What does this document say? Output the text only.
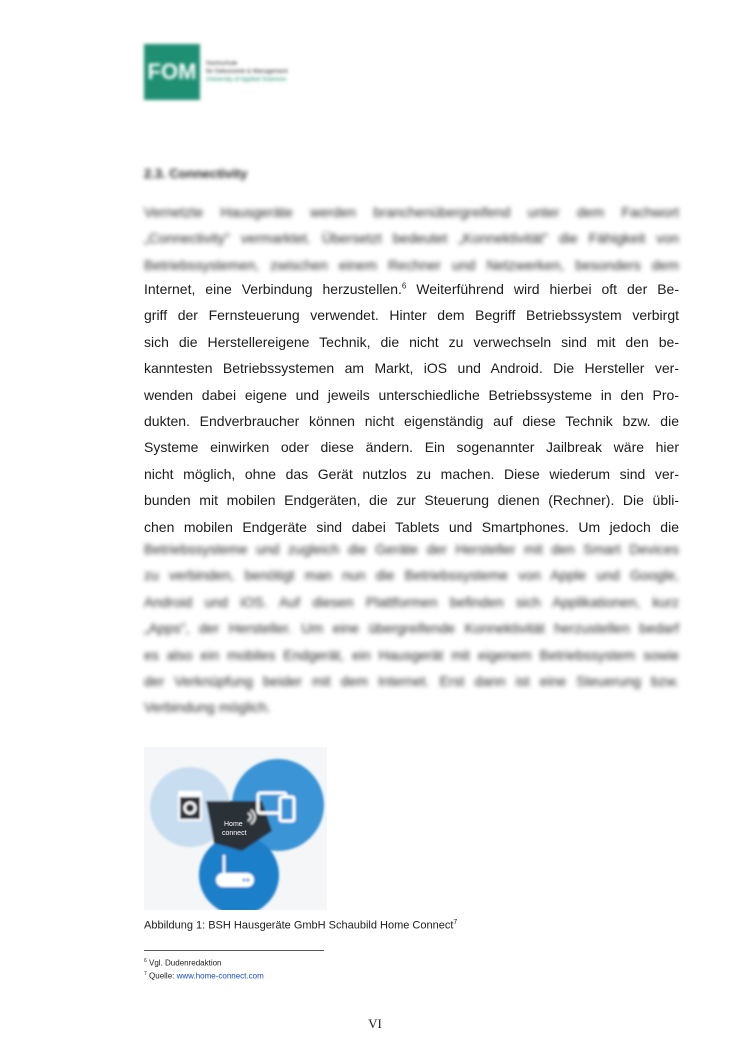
FOM	Hochschule
für Oekonomie & Management
University of Applied Sciences
2.3. Connectivity
Vernetzte Hausgeräte werden branchenübergreifend unter dem Fachwort
„Connectivity" vermarktet. Übersetzt bedeutet „Konnektivität" die Fähigkeit von
Betriebssystemen, zwischen einem Rechner und Netzwerken, besonders dem
Internet, eine Verbindung herzustellen.$^6$ Weiterführend wird hierbei oft der Be-
griff der Fernsteuerung verwendet. Hinter dem Begriff Betriebssystem verbirgt
sich die Herstellereigene Technik, die nicht zu verwechseln sind mit den be-
kanntesten Betriebssystemen am Markt, iOS und Android. Die Hersteller ver-
wenden dabei eigene und jeweils unterschiedliche Betriebssysteme in den Pro-
dukten. Endverbraucher können nicht eigenständig auf diese Technik bzw. die
Systeme einwirken oder diese ändern. Ein sogenannter Jailbreak wäre hier
nicht möglich, ohne das Gerät nutzlos zu machen. Diese wiederum sind ver-
bunden mit mobilen Endgeräten, die zur Steuerung dienen (Rechner). Die übli-
chen mobilen Endgeräte sind dabei Tablets und Smartphones. Um jedoch die
Betriebssysteme und zugleich die Geräte der Hersteller mit den Smart Devices
zu verbinden, benötigt man nun die Betriebssysteme von Apple und Google,
Android und iOS. Auf diesen Plattformen befinden sich Applikationen, kurz
„Apps", der Hersteller. Um eine übergreifende Konnektivität herzustellen bedarf
es also ein mobiles Endgerät, ein Hausgerät mit eigenem Betriebssystem sowie
der Verknüpfung beider mit dem Internet. Erst dann ist eine Steuerung bzw.
Verbindung möglich.
Home
connect
Abbildung 1: BSH Hausgeräte GmbH Schaubild Home Connect$^7$
$^6$ Vgl. Dudenredaktion
$^7$ Quelle: www.home-connect.com
VI
